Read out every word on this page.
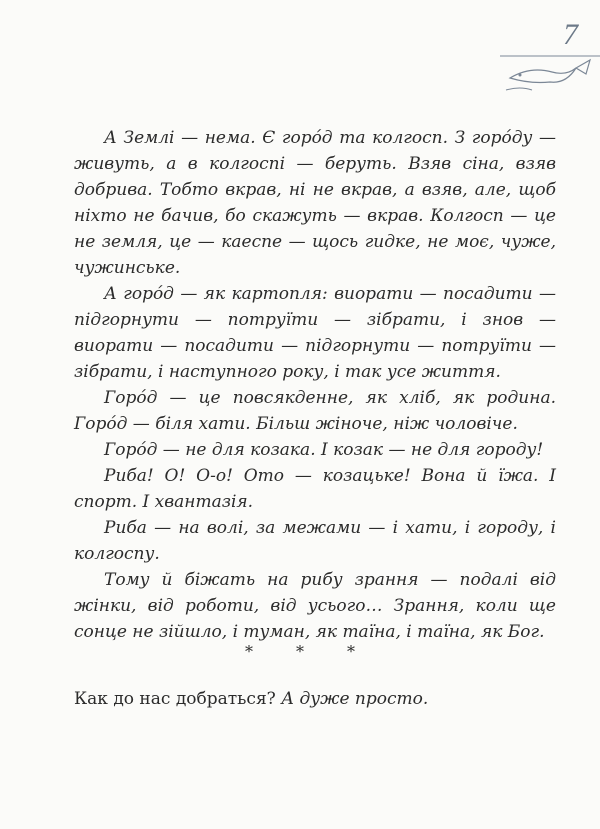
7

А Землі — нема. Є горóд та колгосп. З горóду — живуть, а в колгоспі — беруть. Взяв сіна, взяв добрива. Тобто вкрав, ні не вкрав, а взяв, але, щоб ніхто не бачив, бо скажуть — вкрав. Колгосп — це не земля, це — каеспе — щось гидке, не моє, чуже, чужинське.

А горóд — як картопля: виорати — посадити — підгорнути — потруїти — зібрати, і знов — виорати — посадити — підгорнути — потруїти — зібрати, і наступного року, і так усе життя.

Горóд — це повсякденне, як хліб, як родина. Горóд — біля хати. Більш жіноче, ніж чоловіче.

Горóд — не для козака. І козак — не для городу!

Риба! О! О-о! Ото — козацьке! Вона й їжа. І спорт. І хвантазія.

Риба — на волі, за межами — і хати, і городу, і колгоспу.

Тому й біжать на рибу зрання — подалі від жінки, від роботи, від усього… Зрання, коли ще сонце не зійшло, і туман, як таїна, і таїна, як Бог.

*	*	*
Как до нас добраться? А дуже просто.
